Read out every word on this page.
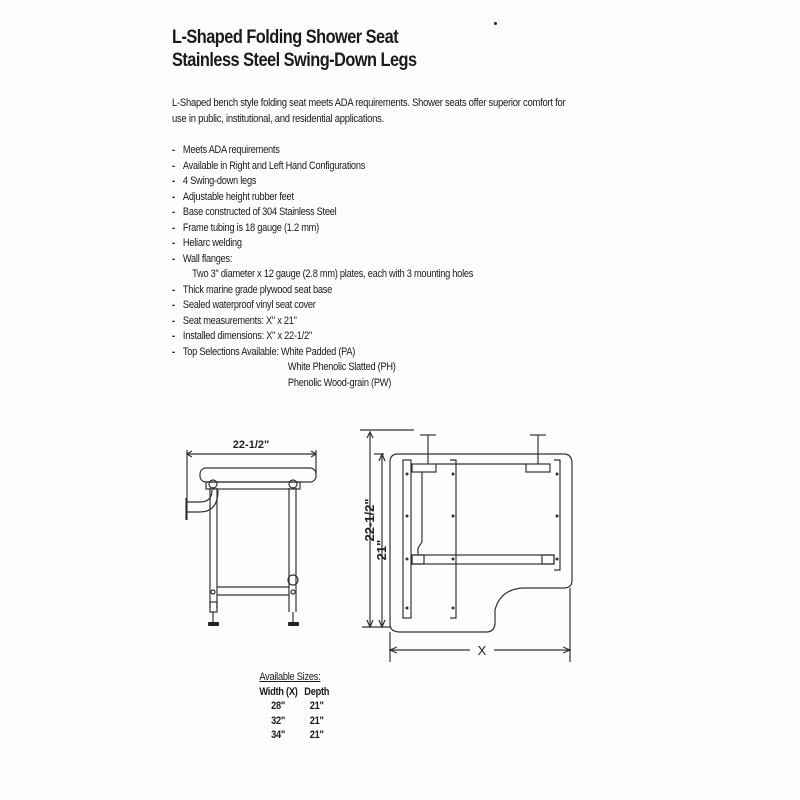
L-Shaped Folding Shower Seat
Stainless Steel Swing-Down Legs
L-Shaped bench style folding seat meets ADA requirements. Shower seats offer superior comfort for
use in public, institutional, and residential applications.
- Meets ADA requirements
- Available in Right and Left Hand Configurations
- 4 Swing-down legs
- Adjustable height rubber feet
- Base constructed of 304 Stainless Steel
- Frame tubing is 18 gauge (1.2 mm)
- Heliarc welding
- Wall flanges:
Two 3" diameter x 12 gauge (2.8 mm) plates, each with 3 mounting holes
- Thick marine grade plywood seat base
- Sealed waterproof vinyl seat cover
- Seat measurements: X" x 21"
- Installed dimensions: X" x 22-1/2"
- Top Selections Available: White Padded (PA)
White Phenolic Slatted (PH)
Phenolic Wood-grain (PW)
22-1/2"
22-1/2"
21"
X
Available Sizes:
Width (X)	Depth
28"	21"
32"	21"
34"	21"
